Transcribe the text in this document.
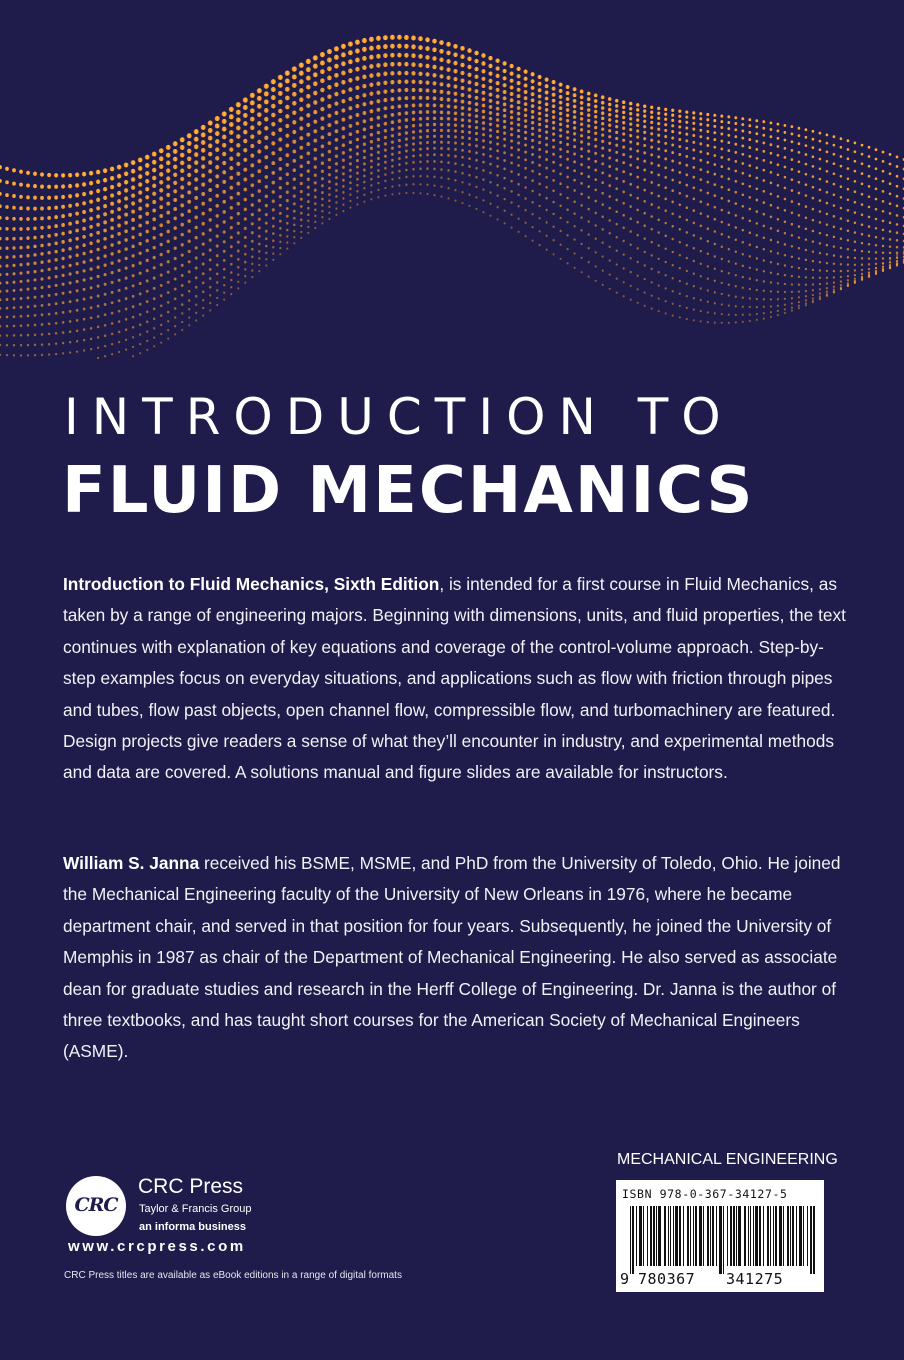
INTRODUCTION TO
FLUID MECHANICS

Introduction to Fluid Mechanics, Sixth Edition, is intended for a first course in Fluid Mechanics, as taken by a range of engineering majors. Beginning with dimensions, units, and fluid properties, the text continues with explanation of key equations and coverage of the control-volume approach. Step-by-step examples focus on everyday situations, and applications such as flow with friction through pipes and tubes, flow past objects, open channel flow, compressible flow, and turbomachinery are featured. Design projects give readers a sense of what they’ll encounter in industry, and experimental methods and data are covered. A solutions manual and figure slides are available for instructors.

William S. Janna received his BSME, MSME, and PhD from the University of Toledo, Ohio. He joined the Mechanical Engineering faculty of the University of New Orleans in 1976, where he became department chair, and served in that position for four years. Subsequently, he joined the University of Memphis in 1987 as chair of the Department of Mechanical Engineering. He also served as associate dean for graduate studies and research in the Herff College of Engineering. Dr. Janna is the author of three textbooks, and has taught short courses for the American Society of Mechanical Engineers (ASME).

CRC
CRC Press
Taylor & Francis Group
an informa business
www.crcpress.com
CRC Press titles are available as eBook editions in a range of digital formats
MECHANICAL ENGINEERING
ISBN 978-0-367-34127-5
9 780367 341275
